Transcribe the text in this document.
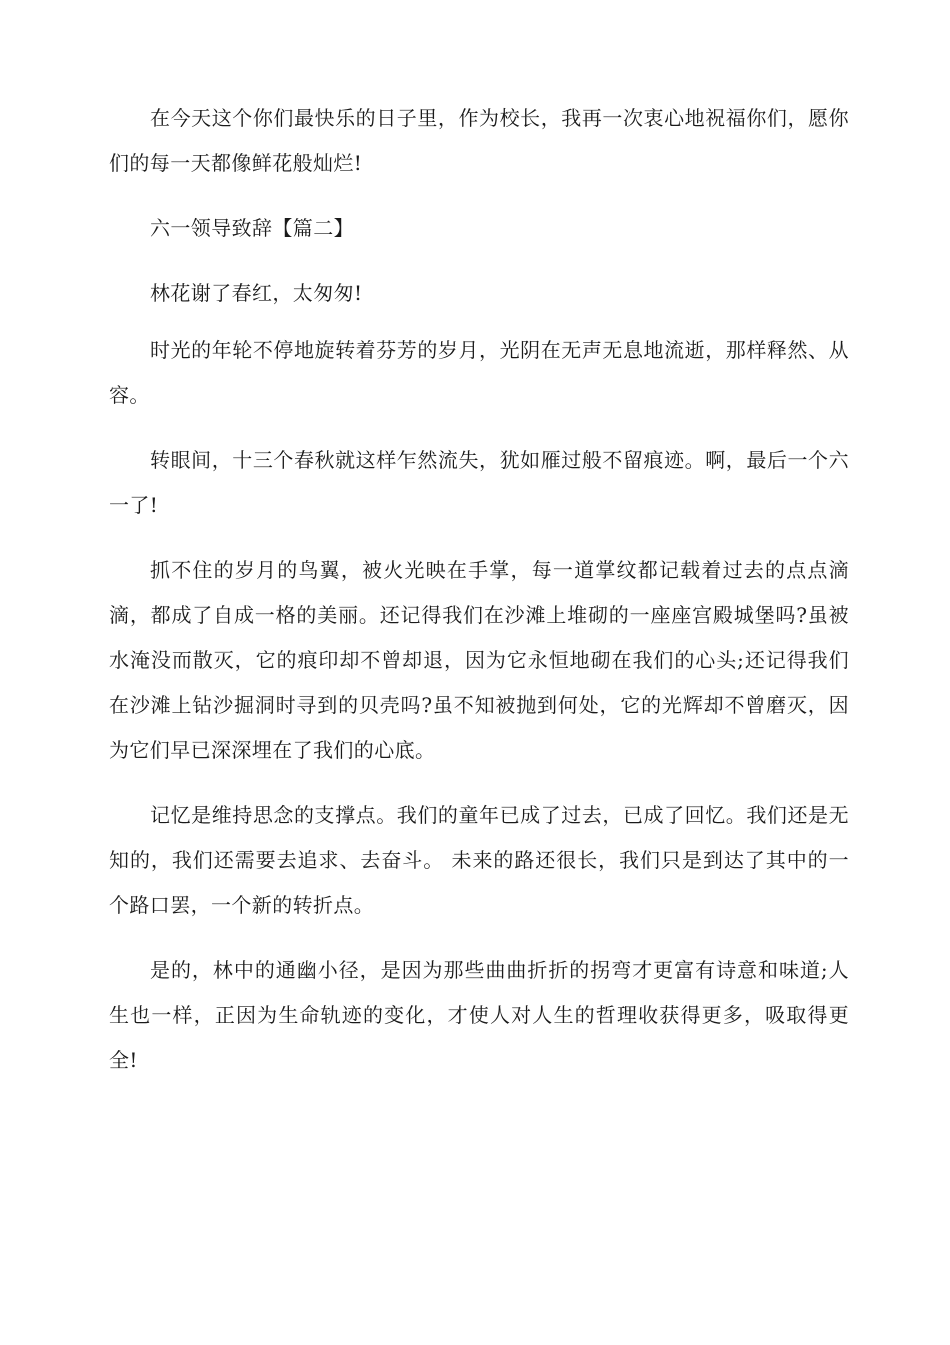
在今天这个你们最快乐的日子里，作为校长，我再一次衷心地祝福你们，愿你们的每一天都像鲜花般灿烂!

六一领导致辞【篇二】

林花谢了春红，太匆匆!

时光的年轮不停地旋转着芬芳的岁月，光阴在无声无息地流逝，那样释然、从容。

转眼间，十三个春秋就这样乍然流失，犹如雁过般不留痕迹。啊，最后一个六一了!

抓不住的岁月的鸟翼，被火光映在手掌，每一道掌纹都记载着过去的点点滴滴，都成了自成一格的美丽。还记得我们在沙滩上堆砌的一座座宫殿城堡吗?虽被水淹没而散灭，它的痕印却不曾却退，因为它永恒地砌在我们的心头;还记得我们在沙滩上钻沙掘洞时寻到的贝壳吗?虽不知被抛到何处，它的光辉却不曾磨灭，因为它们早已深深埋在了我们的心底。

记忆是维持思念的支撑点。我们的童年已成了过去，已成了回忆。我们还是无知的，我们还需要去追求、去奋斗。 未来的路还很长，我们只是到达了其中的一个路口罢，一个新的转折点。

是的，林中的通幽小径，是因为那些曲曲折折的拐弯才更富有诗意和味道;人生也一样，正因为生命轨迹的变化，才使人对人生的哲理收获得更多，吸取得更全!
